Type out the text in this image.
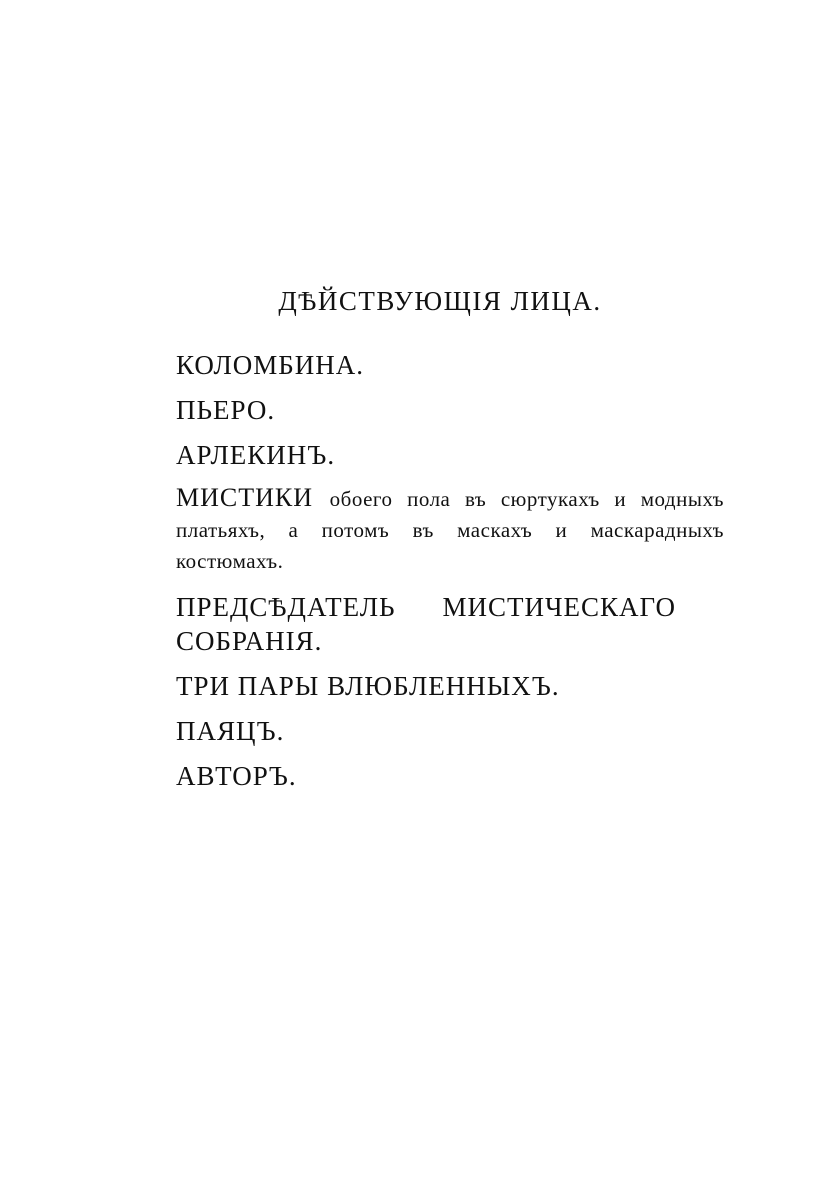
ДѢЙСТВУЮЩІЯ ЛИЦА.
КОЛОМБИНА.
ПЬЕРО.
АРЛЕКИНЪ.
МИСТИКИ обоего пола въ сюртукахъ и модныхъ платьяхъ, а потомъ въ маскахъ и маскарадныхъ костюмахъ.
ПРЕДСѢДАТЕЛЬ МИСТИЧЕСКАГО СОБРАНІЯ.
ТРИ ПАРЫ ВЛЮБЛЕННЫХЪ.
ПАЯЦЪ.
АВТОРЪ.
